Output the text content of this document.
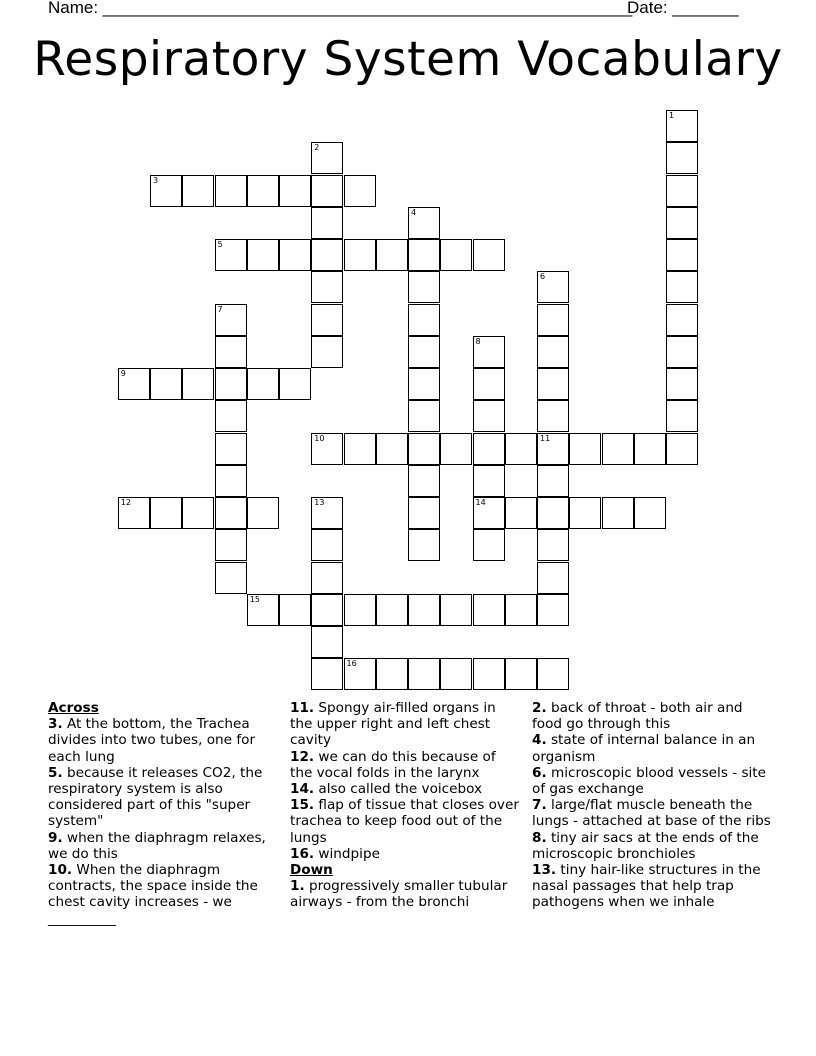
Name: ________________________________________________________
Date: _______
Respiratory System Vocabulary
1
2
3
4
5
6
11
7
8
14
9
10
12	13
15
16
Across
3. At the bottom, the Trachea divides into two tubes, one for each lung
5. because it releases CO2, the respiratory system is also considered part of this "super system"
9. when the diaphragm relaxes, we do this
10. When the diaphragm contracts, the space inside the chest cavity increases - we __________
11. Spongy air-filled organs in the upper right and left chest cavity
12. we can do this because of the vocal folds in the larynx
14. also called the voicebox
15. flap of tissue that closes over trachea to keep food out of the lungs
16. windpipe
Down
1. progressively smaller tubular airways - from the bronchi
2. back of throat - both air and food go through this
4. state of internal balance in an organism
6. microscopic blood vessels - site of gas exchange
7. large/flat muscle beneath the lungs - attached at base of the ribs
8. tiny air sacs at the ends of the microscopic bronchioles
13. tiny hair-like structures in the nasal passages that help trap pathogens when we inhale
